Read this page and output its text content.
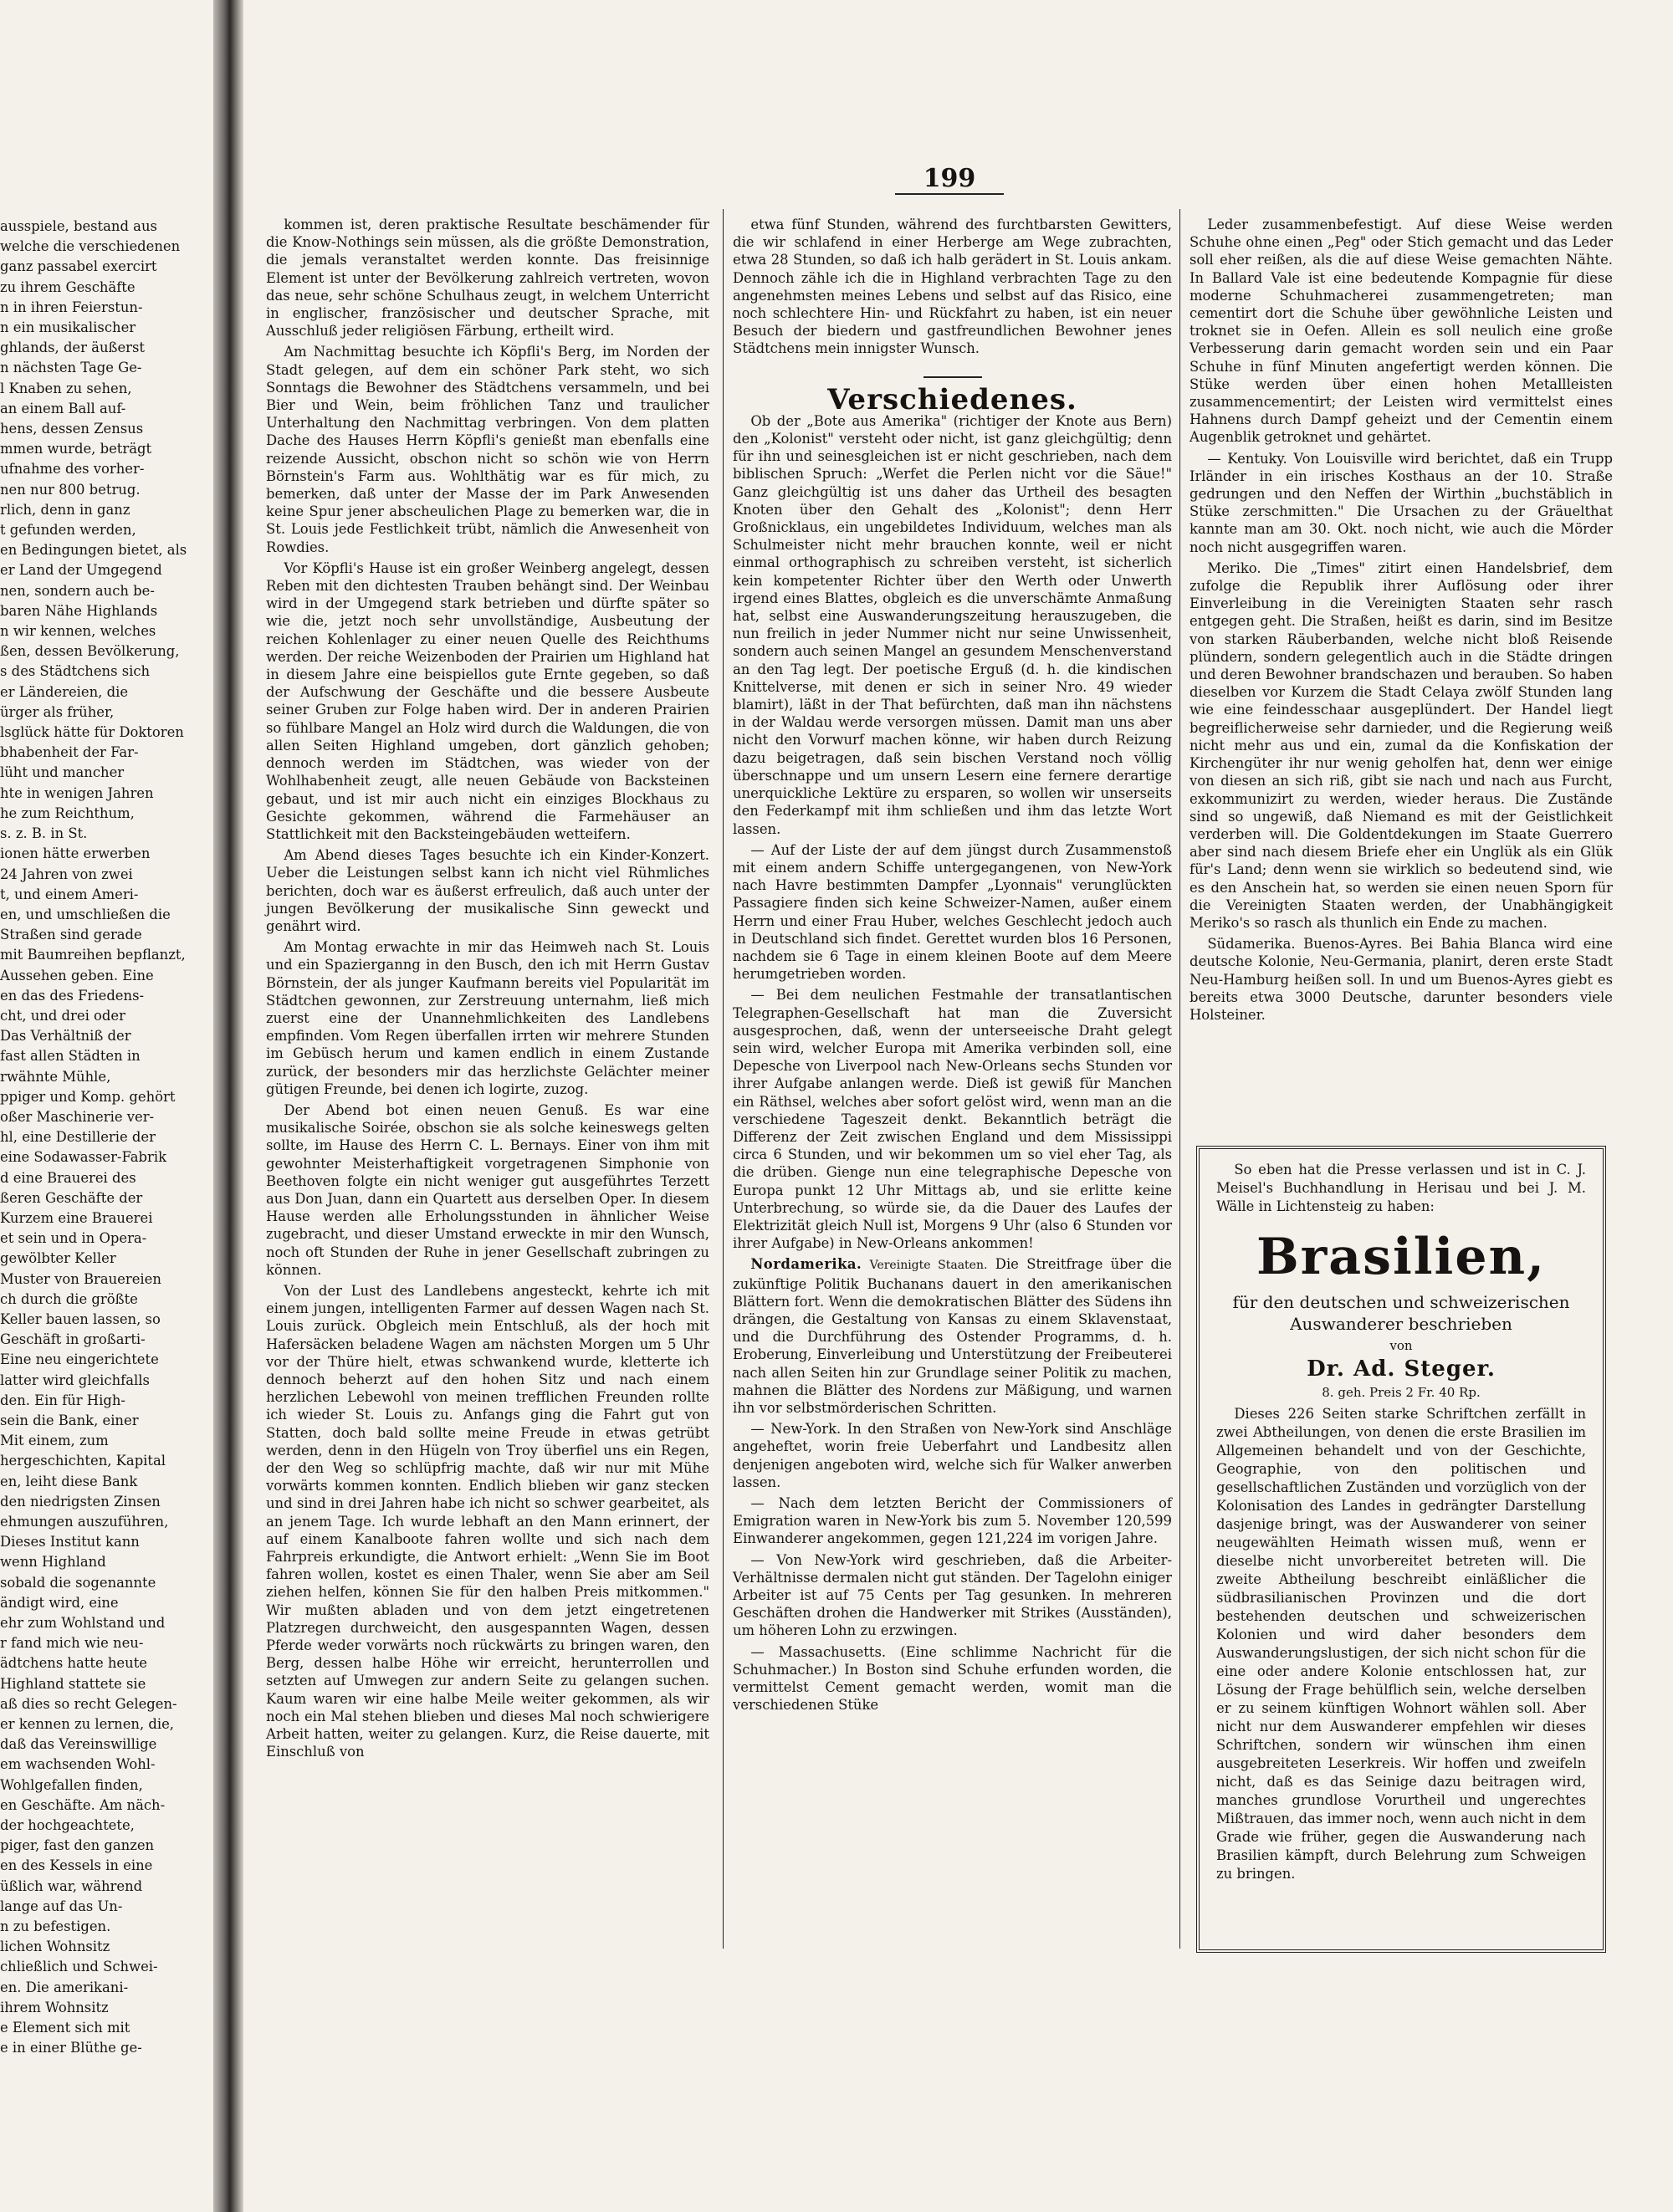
ausspiele, bestand aus

welche die verschiedenen

ganz passabel exercirt

zu ihrem Geschäfte

n in ihren Feierstun-

n ein musikalischer

ghlands, der äußerst

n nächsten Tage Ge-

l Knaben zu sehen,

an einem Ball auf-

hens, dessen Zensus

mmen wurde, beträgt

ufnahme des vorher-

nen nur 800 betrug.

rlich, denn in ganz

t gefunden werden,

en Bedingungen bietet, als

er Land der Umgegend

nen, sondern auch be-

baren Nähe Highlands

n wir kennen, welches

ßen, dessen Bevölkerung,

s des Städtchens sich

er Ländereien, die

ürger als früher,

lsglück hätte für Doktoren

bhabenheit der Far-

lüht und mancher

hte in wenigen Jahren

he zum Reichthum,

s. z. B. in St.

ionen hätte erwerben

24 Jahren von zwei

t, und einem Ameri-

en, und umschließen die

Straßen sind gerade

mit Baumreihen bepflanzt,

Aussehen geben. Eine

en das des Friedens-

cht, und drei oder

Das Verhältniß der

fast allen Städten in

rwähnte Mühle,

ppiger und Komp. gehört

oßer Maschinerie ver-

hl, eine Destillerie der

eine Sodawasser-Fabrik

d eine Brauerei des

ßeren Geschäfte der

Kurzem eine Brauerei

et sein und in Opera-

gewölbter Keller

Muster von Brauereien

ch durch die größte

Keller bauen lassen, so

Geschäft in großarti-

Eine neu eingerichtete

latter wird gleichfalls

den. Ein für High-

sein die Bank, einer

Mit einem, zum

hergeschichten, Kapital

en, leiht diese Bank

den niedrigsten Zinsen

ehmungen auszuführen,

Dieses Institut kann

wenn Highland

sobald die sogenannte

ändigt wird, eine

ehr zum Wohlstand und

r fand mich wie neu-

ädtchens hatte heute

Highland stattete sie

aß dies so recht Gelegen-

er kennen zu lernen, die,

daß das Vereinswillige

em wachsenden Wohl-

Wohlgefallen finden,

en Geschäfte. Am näch-

der hochgeachtete,

piger, fast den ganzen

en des Kessels in eine

üßlich war, während

lange auf das Un-

n zu befestigen.

lichen Wohnsitz

chließlich und Schwei-

en. Die amerikani-

ihrem Wohnsitz

e Element sich mit

e in einer Blüthe ge-

199

kommen ist, deren praktische Resultate beschämender für die Know-Nothings sein müssen, als die größte Demonstration, die jemals veranstaltet werden konnte. Das freisinnige Element ist unter der Bevölkerung zahlreich vertreten, wovon das neue, sehr schöne Schulhaus zeugt, in welchem Unterricht in englischer, französischer und deutscher Sprache, mit Ausschluß jeder religiösen Färbung, ertheilt wird.

Am Nachmittag besuchte ich Köpfli's Berg, im Norden der Stadt gelegen, auf dem ein schöner Park steht, wo sich Sonntags die Bewohner des Städtchens versammeln, und bei Bier und Wein, beim fröhlichen Tanz und traulicher Unterhaltung den Nachmittag verbringen. Von dem platten Dache des Hauses Herrn Köpfli's genießt man ebenfalls eine reizende Aussicht, obschon nicht so schön wie von Herrn Börnstein's Farm aus. Wohlthätig war es für mich, zu bemerken, daß unter der Masse der im Park Anwesenden keine Spur jener abscheulichen Plage zu bemerken war, die in St. Louis jede Festlichkeit trübt, nämlich die Anwesenheit von Rowdies.

Vor Köpfli's Hause ist ein großer Weinberg angelegt, dessen Reben mit den dichtesten Trauben behängt sind. Der Weinbau wird in der Umgegend stark betrieben und dürfte später so wie die, jetzt noch sehr unvollständige, Ausbeutung der reichen Kohlenlager zu einer neuen Quelle des Reichthums werden. Der reiche Weizenboden der Prairien um Highland hat in diesem Jahre eine beispiellos gute Ernte gegeben, so daß der Aufschwung der Geschäfte und die bessere Ausbeute seiner Gruben zur Folge haben wird. Der in anderen Prairien so fühlbare Mangel an Holz wird durch die Waldungen, die von allen Seiten Highland umgeben, dort gänzlich gehoben; dennoch werden im Städtchen, was wieder von der Wohlhabenheit zeugt, alle neuen Gebäude von Backsteinen gebaut, und ist mir auch nicht ein einziges Blockhaus zu Gesichte gekommen, während die Farmehäuser an Stattlichkeit mit den Backsteingebäuden wetteifern.

Am Abend dieses Tages besuchte ich ein Kinder-Konzert. Ueber die Leistungen selbst kann ich nicht viel Rühmliches berichten, doch war es äußerst erfreulich, daß auch unter der jungen Bevölkerung der musikalische Sinn geweckt und genährt wird.

Am Montag erwachte in mir das Heimweh nach St. Louis und ein Spazierganng in den Busch, den ich mit Herrn Gustav Börnstein, der als junger Kaufmann bereits viel Popularität im Städtchen gewonnen, zur Zerstreuung unternahm, ließ mich zuerst eine der Unannehmlichkeiten des Landlebens empfinden. Vom Regen überfallen irrten wir mehrere Stunden im Gebüsch herum und kamen endlich in einem Zustande zurück, der besonders mir das herzlichste Gelächter meiner gütigen Freunde, bei denen ich logirte, zuzog.

Der Abend bot einen neuen Genuß. Es war eine musikalische Soirée, obschon sie als solche keineswegs gelten sollte, im Hause des Herrn C. L. Bernays. Einer von ihm mit gewohnter Meisterhaftigkeit vorgetragenen Simphonie von Beethoven folgte ein nicht weniger gut ausgeführtes Terzett aus Don Juan, dann ein Quartett aus derselben Oper. In diesem Hause werden alle Erholungsstunden in ähnlicher Weise zugebracht, und dieser Umstand erweckte in mir den Wunsch, noch oft Stunden der Ruhe in jener Gesellschaft zubringen zu können.

Von der Lust des Landlebens angesteckt, kehrte ich mit einem jungen, intelligenten Farmer auf dessen Wagen nach St. Louis zurück. Obgleich mein Entschluß, als der hoch mit Hafersäcken beladene Wagen am nächsten Morgen um 5 Uhr vor der Thüre hielt, etwas schwankend wurde, kletterte ich dennoch beherzt auf den hohen Sitz und nach einem herzlichen Lebewohl von meinen trefflichen Freunden rollte ich wieder St. Louis zu. Anfangs ging die Fahrt gut von Statten, doch bald sollte meine Freude in etwas getrübt werden, denn in den Hügeln von Troy überfiel uns ein Regen, der den Weg so schlüpfrig machte, daß wir nur mit Mühe vorwärts kommen konnten. Endlich blieben wir ganz stecken und sind in drei Jahren habe ich nicht so schwer gearbeitet, als an jenem Tage. Ich wurde lebhaft an den Mann erinnert, der auf einem Kanalboote fahren wollte und sich nach dem Fahrpreis erkundigte, die Antwort erhielt: „Wenn Sie im Boot fahren wollen, kostet es einen Thaler, wenn Sie aber am Seil ziehen helfen, können Sie für den halben Preis mitkommen." Wir mußten abladen und von dem jetzt eingetretenen Platzregen durchweicht, den ausgespannten Wagen, dessen Pferde weder vorwärts noch rückwärts zu bringen waren, den Berg, dessen halbe Höhe wir erreicht, herunterrollen und setzten auf Umwegen zur andern Seite zu gelangen suchen. Kaum waren wir eine halbe Meile weiter gekommen, als wir noch ein Mal stehen blieben und dieses Mal noch schwierigere Arbeit hatten, weiter zu gelangen. Kurz, die Reise dauerte, mit Einschluß von

etwa fünf Stunden, während des furchtbarsten Gewitters, die wir schlafend in einer Herberge am Wege zubrachten, etwa 28 Stunden, so daß ich halb gerädert in St. Louis ankam. Dennoch zähle ich die in Highland verbrachten Tage zu den angenehmsten meines Lebens und selbst auf das Risico, eine noch schlechtere Hin- und Rückfahrt zu haben, ist ein neuer Besuch der biedern und gastfreundlichen Bewohner jenes Städtchens mein innigster Wunsch.

Verschiedenes.

Ob der „Bote aus Amerika" (richtiger der Knote aus Bern) den „Kolonist" versteht oder nicht, ist ganz gleichgültig; denn für ihn und seinesgleichen ist er nicht geschrieben, nach dem biblischen Spruch: „Werfet die Perlen nicht vor die Säue!" Ganz gleichgültig ist uns daher das Urtheil des besagten Knoten über den Gehalt des „Kolonist"; denn Herr Großnicklaus, ein ungebildetes Individuum, welches man als Schulmeister nicht mehr brauchen konnte, weil er nicht einmal orthographisch zu schreiben versteht, ist sicherlich kein kompetenter Richter über den Werth oder Unwerth irgend eines Blattes, obgleich es die unverschämte Anmaßung hat, selbst eine Auswanderungszeitung herauszugeben, die nun freilich in jeder Nummer nicht nur seine Unwissenheit, sondern auch seinen Mangel an gesundem Menschenverstand an den Tag legt. Der poetische Erguß (d. h. die kindischen Knittelverse, mit denen er sich in seiner Nro. 49 wieder blamirt), läßt in der That befürchten, daß man ihn nächstens in der Waldau werde versorgen müssen. Damit man uns aber nicht den Vorwurf machen könne, wir haben durch Reizung dazu beigetragen, daß sein bischen Verstand noch völlig überschnappe und um unsern Lesern eine fernere derartige unerquickliche Lektüre zu ersparen, so wollen wir unserseits den Federkampf mit ihm schließen und ihm das letzte Wort lassen.

— Auf der Liste der auf dem jüngst durch Zusammenstoß mit einem andern Schiffe untergegangenen, von New-York nach Havre bestimmten Dampfer „Lyonnais" verunglückten Passagiere finden sich keine Schweizer-Namen, außer einem Herrn und einer Frau Huber, welches Geschlecht jedoch auch in Deutschland sich findet. Gerettet wurden blos 16 Personen, nachdem sie 6 Tage in einem kleinen Boote auf dem Meere herumgetrieben worden.

— Bei dem neulichen Festmahle der transatlantischen Telegraphen-Gesellschaft hat man die Zuversicht ausgesprochen, daß, wenn der unterseeische Draht gelegt sein wird, welcher Europa mit Amerika verbinden soll, eine Depesche von Liverpool nach New-Orleans sechs Stunden vor ihrer Aufgabe anlangen werde. Dieß ist gewiß für Manchen ein Räthsel, welches aber sofort gelöst wird, wenn man an die verschiedene Tageszeit denkt. Bekanntlich beträgt die Differenz der Zeit zwischen England und dem Mississippi circa 6 Stunden, und wir bekommen um so viel eher Tag, als die drüben. Gienge nun eine telegraphische Depesche von Europa punkt 12 Uhr Mittags ab, und sie erlitte keine Unterbrechung, so würde sie, da die Dauer des Laufes der Elektrizität gleich Null ist, Morgens 9 Uhr (also 6 Stunden vor ihrer Aufgabe) in New-Orleans ankommen!

Nordamerika. Vereinigte Staaten. Die Streitfrage über die zukünftige Politik Buchanans dauert in den amerikanischen Blättern fort. Wenn die demokratischen Blätter des Südens ihn drängen, die Gestaltung von Kansas zu einem Sklavenstaat, und die Durchführung des Ostender Programms, d. h. Eroberung, Einverleibung und Unterstützung der Freibeuterei nach allen Seiten hin zur Grundlage seiner Politik zu machen, mahnen die Blätter des Nordens zur Mäßigung, und warnen ihn vor selbstmörderischen Schritten.

— New-York. In den Straßen von New-York sind Anschläge angeheftet, worin freie Ueberfahrt und Landbesitz allen denjenigen angeboten wird, welche sich für Walker anwerben lassen.

— Nach dem letzten Bericht der Commissioners of Emigration waren in New-York bis zum 5. November 120,599 Einwanderer angekommen, gegen 121,224 im vorigen Jahre.

— Von New-York wird geschrieben, daß die Arbeiter-Verhältnisse dermalen nicht gut ständen. Der Tagelohn einiger Arbeiter ist auf 75 Cents per Tag gesunken. In mehreren Geschäften drohen die Handwerker mit Strikes (Ausständen), um höheren Lohn zu erzwingen.

— Massachusetts. (Eine schlimme Nachricht für die Schuhmacher.) In Boston sind Schuhe erfunden worden, die vermittelst Cement gemacht werden, womit man die verschiedenen Stüke

Leder zusammenbefestigt. Auf diese Weise werden Schuhe ohne einen „Peg" oder Stich gemacht und das Leder soll eher reißen, als die auf diese Weise gemachten Nähte. In Ballard Vale ist eine bedeutende Kompagnie für diese moderne Schuhmacherei zusammengetreten; man cementirt dort die Schuhe über gewöhnliche Leisten und troknet sie in Oefen. Allein es soll neulich eine große Verbesserung darin gemacht worden sein und ein Paar Schuhe in fünf Minuten angefertigt werden können. Die Stüke werden über einen hohen Metallleisten zusammencementirt; der Leisten wird vermittelst eines Hahnens durch Dampf geheizt und der Cementin einem Augenblik getroknet und gehärtet.

— Kentuky. Von Louisville wird berichtet, daß ein Trupp Irländer in ein irisches Kosthaus an der 10. Straße gedrungen und den Neffen der Wirthin „buchstäblich in Stüke zerschmitten." Die Ursachen zu der Gräuelthat kannte man am 30. Okt. noch nicht, wie auch die Mörder noch nicht ausgegriffen waren.

Meriko. Die „Times" zitirt einen Handelsbrief, dem zufolge die Republik ihrer Auflösung oder ihrer Einverleibung in die Vereinigten Staaten sehr rasch entgegen geht. Die Straßen, heißt es darin, sind im Besitze von starken Räuberbanden, welche nicht bloß Reisende plündern, sondern gelegentlich auch in die Städte dringen und deren Bewohner brandschazen und berauben. So haben dieselben vor Kurzem die Stadt Celaya zwölf Stunden lang wie eine feindesschaar ausgeplündert. Der Handel liegt begreiflicherweise sehr darnieder, und die Regierung weiß nicht mehr aus und ein, zumal da die Konfiskation der Kirchengüter ihr nur wenig geholfen hat, denn wer einige von diesen an sich riß, gibt sie nach und nach aus Furcht, exkommunizirt zu werden, wieder heraus. Die Zustände sind so ungewiß, daß Niemand es mit der Geistlichkeit verderben will. Die Goldentdekungen im Staate Guerrero aber sind nach diesem Briefe eher ein Unglük als ein Glük für's Land; denn wenn sie wirklich so bedeutend sind, wie es den Anschein hat, so werden sie einen neuen Sporn für die Vereinigten Staaten werden, der Unabhängigkeit Meriko's so rasch als thunlich ein Ende zu machen.

Südamerika. Buenos-Ayres. Bei Bahia Blanca wird eine deutsche Kolonie, Neu-Germania, planirt, deren erste Stadt Neu-Hamburg heißen soll. In und um Buenos-Ayres giebt es bereits etwa 3000 Deutsche, darunter besonders viele Holsteiner.

So eben hat die Presse verlassen und ist in C. J. Meisel's Buchhandlung in Herisau und bei J. M. Wälle in Lichtensteig zu haben:

Brasilien,

für den deutschen und schweizerischen Auswanderer beschrieben

von

Dr. Ad. Steger.

8. geh. Preis 2 Fr. 40 Rp.

Dieses 226 Seiten starke Schriftchen zerfällt in zwei Abtheilungen, von denen die erste Brasilien im Allgemeinen behandelt und von der Geschichte, Geographie, von den politischen und gesellschaftlichen Zuständen und vorzüglich von der Kolonisation des Landes in gedrängter Darstellung dasjenige bringt, was der Auswanderer von seiner neugewählten Heimath wissen muß, wenn er dieselbe nicht unvorbereitet betreten will. Die zweite Abtheilung beschreibt einläßlicher die südbrasilianischen Provinzen und die dort bestehenden deutschen und schweizerischen Kolonien und wird daher besonders dem Auswanderungslustigen, der sich nicht schon für die eine oder andere Kolonie entschlossen hat, zur Lösung der Frage behülflich sein, welche derselben er zu seinem künftigen Wohnort wählen soll. Aber nicht nur dem Auswanderer empfehlen wir dieses Schriftchen, sondern wir wünschen ihm einen ausgebreiteten Leserkreis. Wir hoffen und zweifeln nicht, daß es das Seinige dazu beitragen wird, manches grundlose Vorurtheil und ungerechtes Mißtrauen, das immer noch, wenn auch nicht in dem Grade wie früher, gegen die Auswanderung nach Brasilien kämpft, durch Belehrung zum Schweigen zu bringen.
